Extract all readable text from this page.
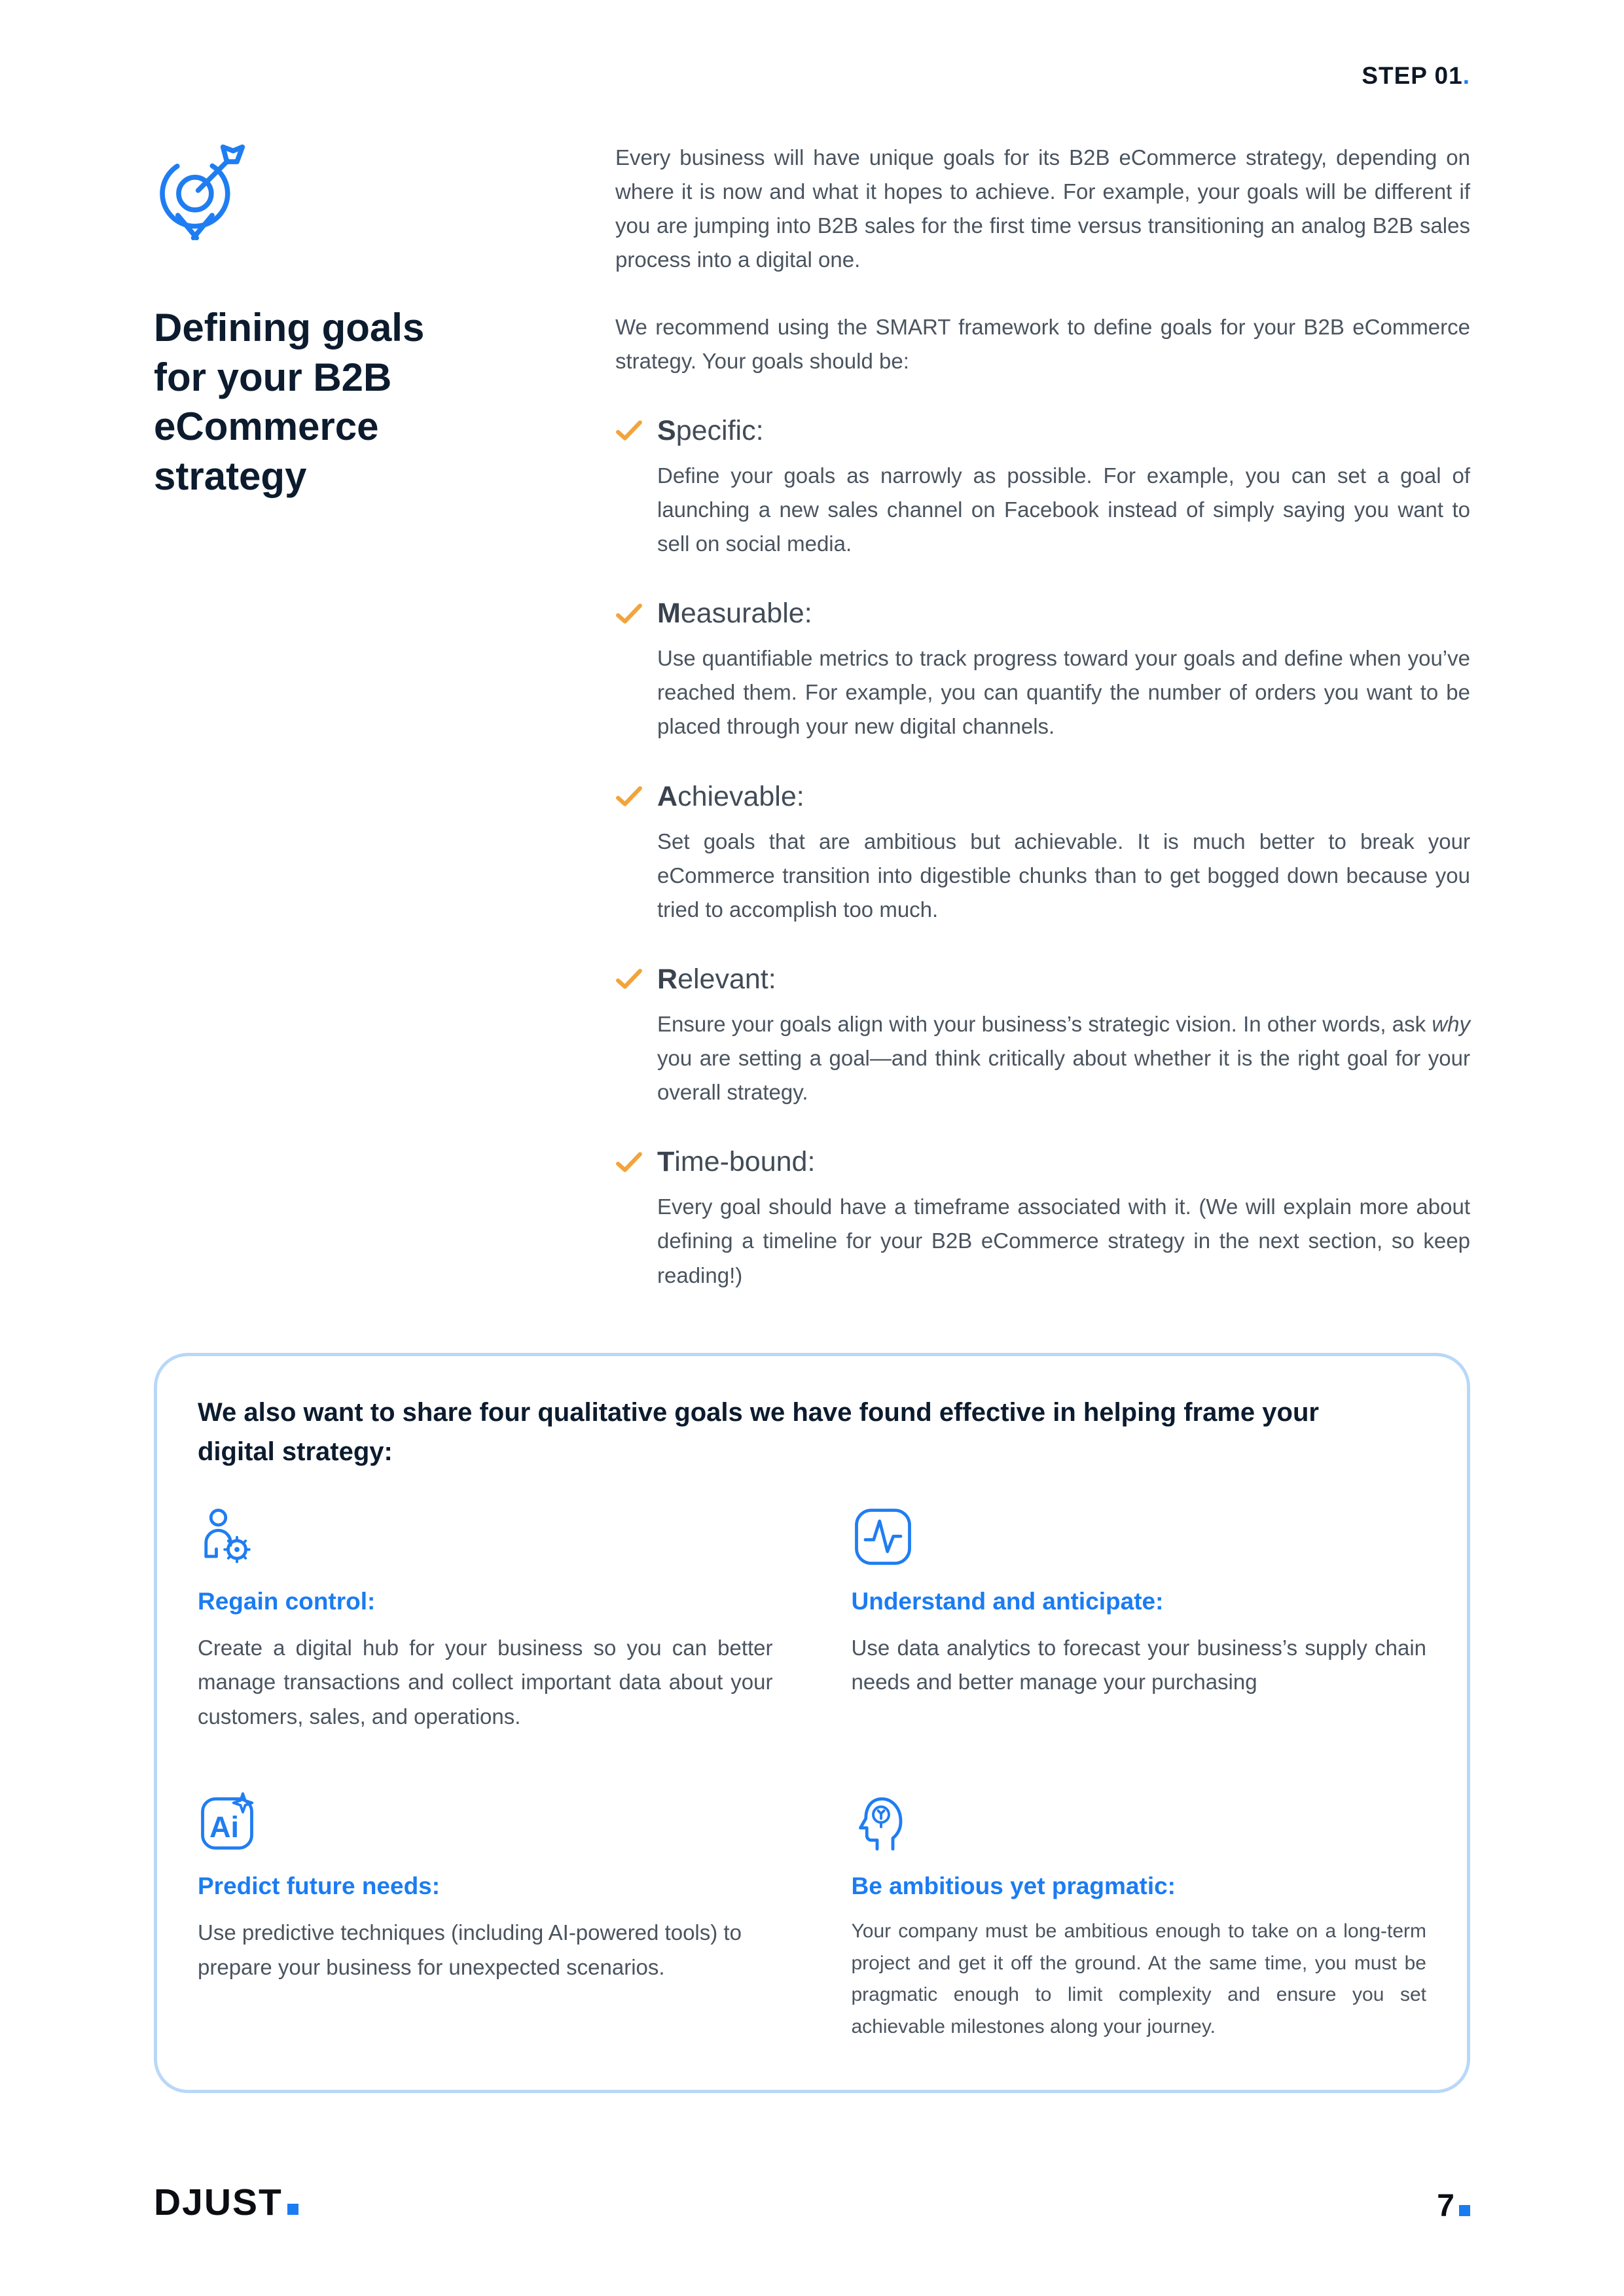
STEP 01.
Defining goals for your B2B eCommerce strategy

Every business will have unique goals for its B2B eCommerce strategy, depending on where it is now and what it hopes to achieve. For example, your goals will be different if you are jumping into B2B sales for the first time versus transitioning an analog B2B sales process into a digital one.

We recommend using the SMART framework to define goals for your B2B eCommerce strategy. Your goals should be:

Specific:

Define your goals as narrowly as possible. For example, you can set a goal of launching a new sales channel on Facebook instead of simply saying you want to sell on social media.

Measurable:

Use quantifiable metrics to track progress toward your goals and define when you’ve reached them. For example, you can quantify the number of orders you want to be placed through your new digital channels.

Achievable:

Set goals that are ambitious but achievable. It is much better to break your eCommerce transition into digestible chunks than to get bogged down because you tried to accomplish too much.

Relevant:

Ensure your goals align with your business’s strategic vision. In other words, ask why you are setting a goal—and think critically about whether it is the right goal for your overall strategy.

Time-bound:

Every goal should have a timeframe associated with it. (We will explain more about defining a timeline for your B2B eCommerce strategy in the next section, so keep reading!)

We also want to share four qualitative goals we have found effective in helping frame your digital strategy:
Regain control:

Create a digital hub for your business so you can better manage transactions and collect important data about your customers, sales, and operations.

Understand and anticipate:

Use data analytics to forecast your business’s supply chain needs and better manage your purchasing

Ai
Predict future needs:

Use predictive techniques (including AI-powered tools) to prepare your business for unexpected scenarios.

Be ambitious yet pragmatic:

Your company must be ambitious enough to take on a long-term project and get it off the ground. At the same time, you must be pragmatic enough to limit complexity and ensure you set achievable milestones along your journey.

DJUST	7
